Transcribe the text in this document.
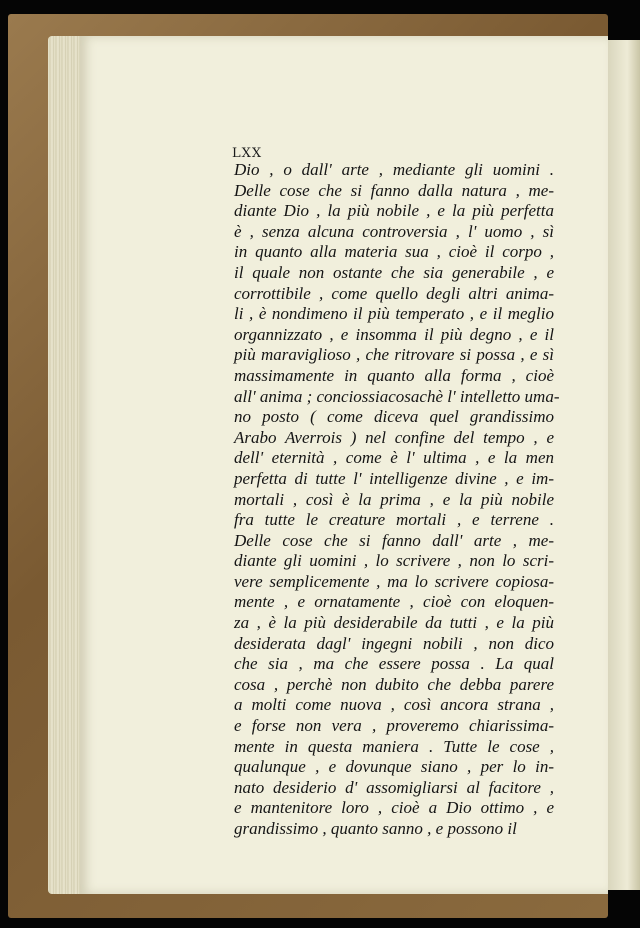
LXX
Dio , o dall' arte , mediante gli uomini .
Delle cose che si fanno dalla natura , me-
diante Dio , la più nobile , e la più perfetta
è , senza alcuna controversia , l' uomo , sì
in quanto alla materia sua , cioè il corpo ,
il quale non ostante che sia generabile , e
corrottibile , come quello degli altri anima-
li , è nondimeno il più temperato , e il meglio
organnizzato , e insomma il più degno , e il
più maraviglioso , che ritrovare si possa , e sì
massimamente in quanto alla forma , cioè
all' anima ; conciossiacosachè l' intelletto uma-
no posto ( come diceva quel grandissimo
Arabo Averrois ) nel confine del tempo , e
dell' eternità , come è l' ultima , e la men
perfetta di tutte l' intelligenze divine , e im-
mortali , così è la prima , e la più nobile
fra tutte le creature mortali , e terrene .
Delle cose che si fanno dall' arte , me-
diante gli uomini , lo scrivere , non lo scri-
vere semplicemente , ma lo scrivere copiosa-
mente , e ornatamente , cioè con eloquen-
za , è la più desiderabile da tutti , e la più
desiderata dagl' ingegni nobili , non dico
che sia , ma che essere possa . La qual
cosa , perchè non dubito che debba parere
a molti come nuova , così ancora strana ,
e forse non vera , proveremo chiarissima-
mente in questa maniera . Tutte le cose ,
qualunque , e dovunque siano , per lo in-
nato desiderio d' assomigliarsi al facitore ,
e mantenitore loro , cioè a Dio ottimo , e
grandissimo , quanto sanno , e possono il
